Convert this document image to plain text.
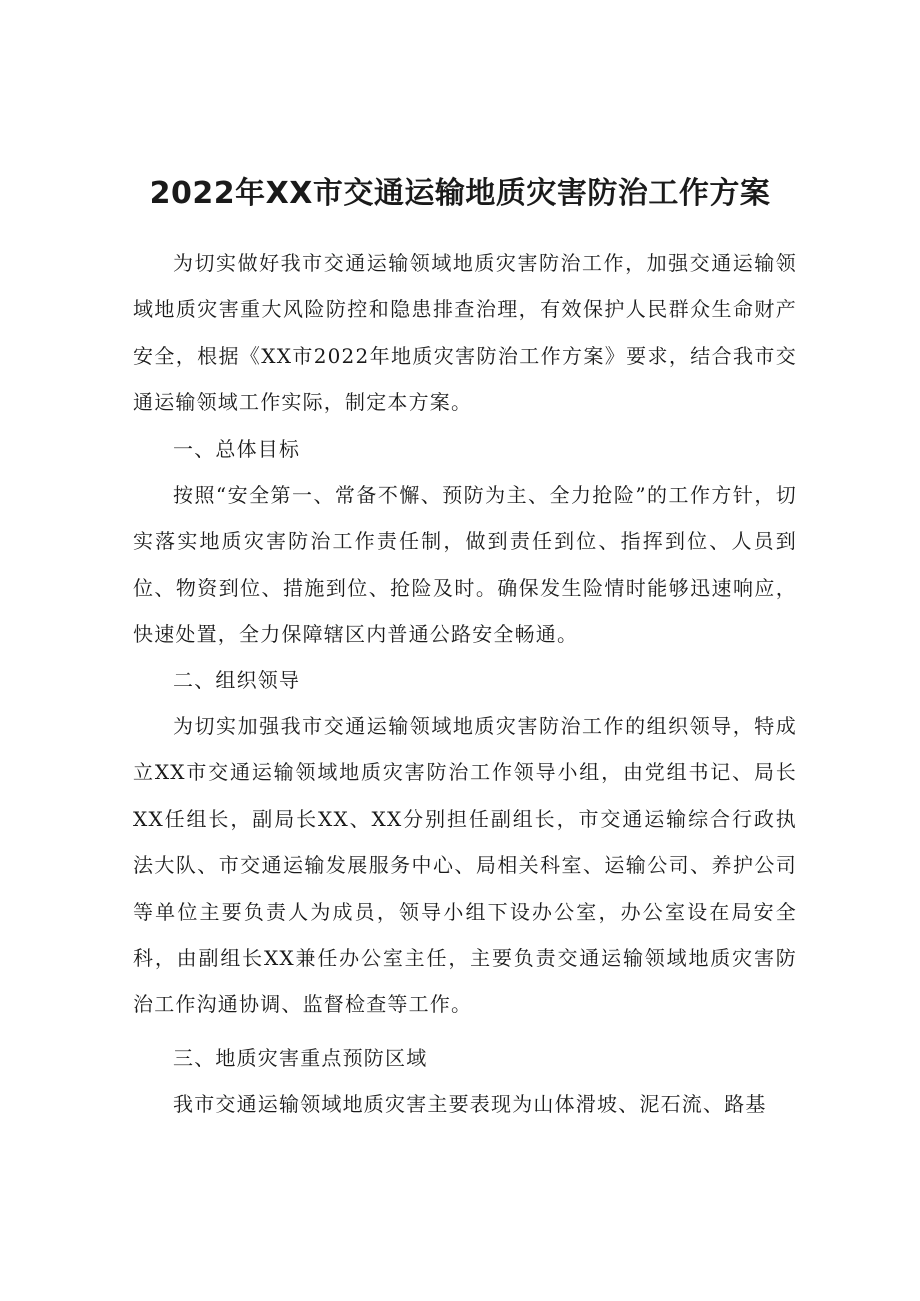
2022年XX市交通运输地质灾害防治工作方案

为切实做好我市交通运输领域地质灾害防治工作，加强交通运输领域地质灾害重大风险防控和隐患排查治理，有效保护人民群众生命财产安全，根据《XX市2022年地质灾害防治工作方案》要求，结合我市交通运输领域工作实际，制定本方案。

一、总体目标

按照“安全第一、常备不懈、预防为主、全力抢险”的工作方针，切实落实地质灾害防治工作责任制，做到责任到位、指挥到位、人员到位、物资到位、措施到位、抢险及时。确保发生险情时能够迅速响应，快速处置，全力保障辖区内普通公路安全畅通。

二、组织领导

为切实加强我市交通运输领域地质灾害防治工作的组织领导，特成立XX市交通运输领域地质灾害防治工作领导小组，由党组书记、局长XX任组长，副局长XX、XX分别担任副组长，市交通运输综合行政执法大队、市交通运输发展服务中心、局相关科室、运输公司、养护公司等单位主要负责人为成员，领导小组下设办公室，办公室设在局安全科，由副组长XX兼任办公室主任，主要负责交通运输领域地质灾害防治工作沟通协调、监督检查等工作。

三、地质灾害重点预防区域

我市交通运输领域地质灾害主要表现为山体滑坡、泥石流、路基
